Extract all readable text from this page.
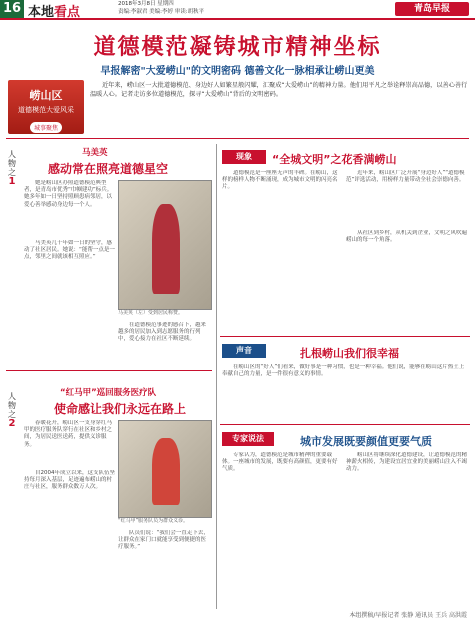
16 本地看点
2018年3月8日 星期四
责编:李淑君 美编:李婷 审读:胡秋平	青岛早报
道德模范凝铸城市精神坐标
早报解密"大爱崂山"的文明密码 德善文化一脉相承让崂山更美
崂山区
道德模范大爱风采
城事聚焦
近年来，崂山区一大批道德模范、身边好人如繁星般闪耀，汇聚成“大爱崂山”的精神力量。他们用平凡之举诠释崇高品德，以善心善行温暖人心。记者走访多位道德模范，探寻“大爱崂山”背后的文明密码。
人物之
1
马美英
感动常在照亮道德星空
她是崂山区办照道德模范典型者，是青岛市优秀“巾帼建功”标兵。她多年如一日坚持照顾患病邻居，以爱心善举感动身边每一个人。
马美英几十年如一日的坚守，感动了社区居民。她说：“能帮一点是一点，邻里之间就该相互照应。”
马美英（左）受到居民称赞。
在道德模范事迹的感召下，越来越多的居民加入到志愿服务的行列中，爱心接力在社区不断延续。
人物之
2
“红马甲”巡回服务医疗队
使命感让我们永远在路上
春暖花开，崂山区一支身穿红马甲的医疗服务队穿行在社区和乡村之间，为居民送医送药，提供义诊服务。
自2004年成立以来，这支队伍坚持每月深入基层，足迹遍布崂山的村庄与社区，服务群众数万人次。
“红马甲”服务队员为群众义诊。
队员们说：“我们会一直走下去，让群众在家门口就能享受到便捷的医疗服务。”
现象	“全城文明”之花香满崂山
道德模范是一座座无声的丰碑。在崂山，这样的榜样人物不断涌现，成为城市文明的闪亮名片。
近年来，崂山区广泛开展“身边好人”“道德模范”评选活动，用榜样力量带动全社会崇德向善。
从社区到乡村，从机关到企业，文明之风吹遍崂山的每一个角落。
声音	扎根崂山我们很幸福
在崂山区的“好人”们看来，做好事是一种习惯，也是一种幸福。他们说，能够在崂山这片热土上奉献自己的力量，是一件很有意义的事情。
专家说法	城市发展既要颜值更要气质
专家认为，道德模范是城市精神的重要载体。一座城市的发展，既要有高颜值，更要有好气质。
崂山区将继续深化道德建设，让道德模范的精神薪火相传，为建设宜居宜业的美丽崂山注入不竭动力。
本组撰稿/早报记者 张静 通讯员 王兵 高洪霞
